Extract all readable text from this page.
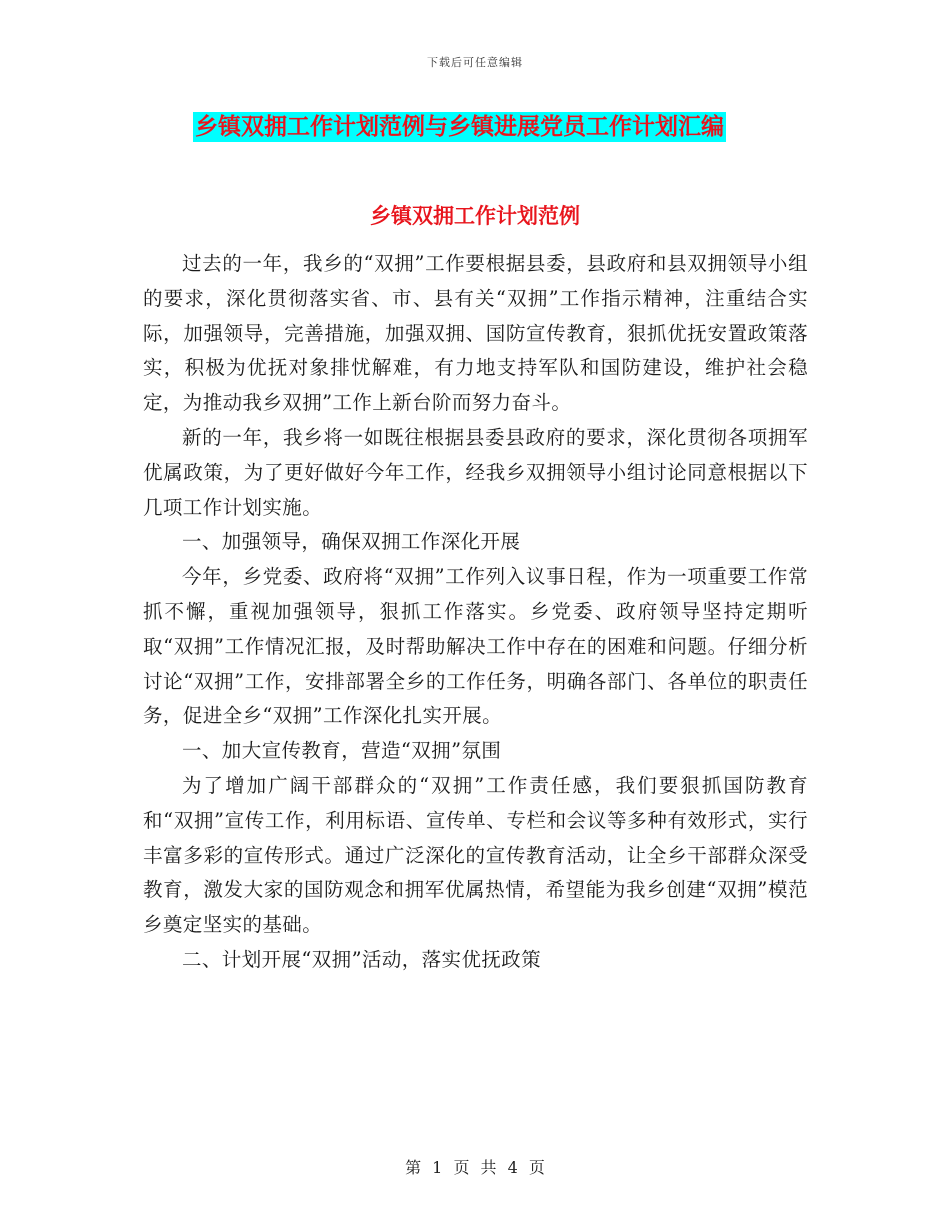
下载后可任意编辑
乡镇双拥工作计划范例与乡镇进展党员工作计划汇编
乡镇双拥工作计划范例

过去的一年，我乡的“双拥”工作要根据县委，县政府和县双拥领导小组的要求，深化贯彻落实省、市、县有关“双拥”工作指示精神，注重结合实际，加强领导，完善措施，加强双拥、国防宣传教育，狠抓优抚安置政策落实，积极为优抚对象排忧解难，有力地支持军队和国防建设，维护社会稳定，为推动我乡双拥”工作上新台阶而努力奋斗。

新的一年，我乡将一如既往根据县委县政府的要求，深化贯彻各项拥军优属政策，为了更好做好今年工作，经我乡双拥领导小组讨论同意根据以下几项工作计划实施。

一、加强领导，确保双拥工作深化开展

今年，乡党委、政府将“双拥”工作列入议事日程，作为一项重要工作常抓不懈，重视加强领导，狠抓工作落实。乡党委、政府领导坚持定期听取“双拥”工作情况汇报，及时帮助解决工作中存在的困难和问题。仔细分析讨论“双拥”工作，安排部署全乡的工作任务，明确各部门、各单位的职责任务，促进全乡“双拥”工作深化扎实开展。

一、加大宣传教育，营造“双拥”氛围

为了增加广阔干部群众的“双拥”工作责任感，我们要狠抓国防教育和“双拥”宣传工作，利用标语、宣传单、专栏和会议等多种有效形式，实行丰富多彩的宣传形式。通过广泛深化的宣传教育活动，让全乡干部群众深受教育，激发大家的国防观念和拥军优属热情，希望能为我乡创建“双拥”模范乡奠定坚实的基础。

二、计划开展“双拥”活动，落实优抚政策

第 1 页 共 4 页
